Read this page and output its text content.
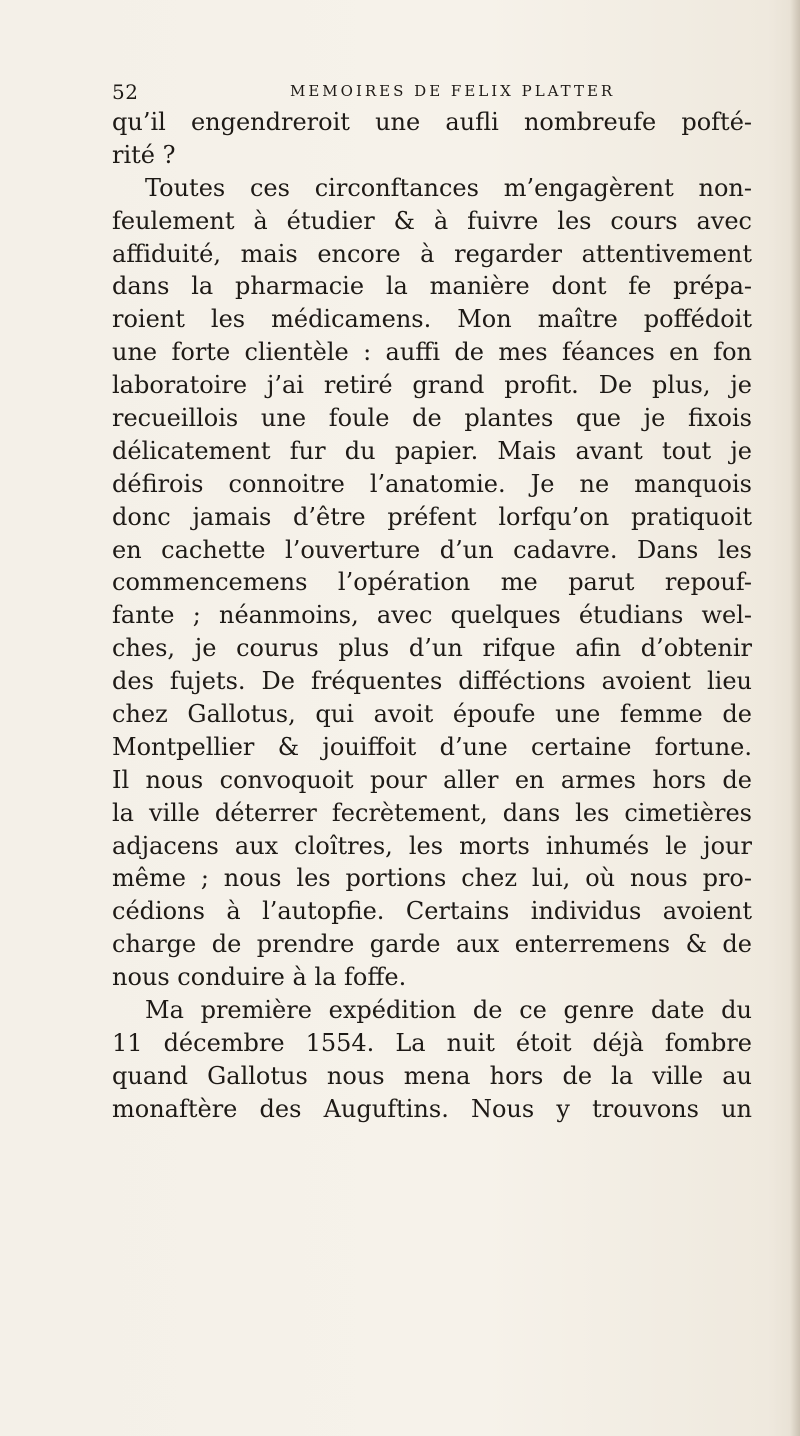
52	MEMOIRES DE FELIX PLATTER
qu’il engendreroit une aufli nombreufe pofté-
rité ?
Toutes ces circonftances m’engagèrent non-
feulement à étudier & à fuivre les cours avec
affiduité, mais encore à regarder attentivement
dans la pharmacie la manière dont fe prépa-
roient les médicamens. Mon maître poffédoit
une forte clientèle : auffi de mes féances en fon
laboratoire j’ai retiré grand profit. De plus, je
recueillois une foule de plantes que je fixois
délicatement fur du papier. Mais avant tout je
défirois connoitre l’anatomie. Je ne manquois
donc jamais d’être préfent lorfqu’on pratiquoit
en cachette l’ouverture d’un cadavre. Dans les
commencemens l’opération me parut repouf-
fante ; néanmoins, avec quelques étudians wel-
ches, je courus plus d’un rifque afin d’obtenir
des fujets. De fréquentes difféctions avoient lieu
chez Gallotus, qui avoit époufe une femme de
Montpellier & jouiffoit d’une certaine fortune.
Il nous convoquoit pour aller en armes hors de
la ville déterrer fecrètement, dans les cimetières
adjacens aux cloîtres, les morts inhumés le jour
même ; nous les portions chez lui, où nous pro-
cédions à l’autopfie. Certains individus avoient
charge de prendre garde aux enterremens & de
nous conduire à la foffe.
Ma première expédition de ce genre date du
11 décembre 1554. La nuit étoit déjà fombre
quand Gallotus nous mena hors de la ville au
monaftère des Auguftins. Nous y trouvons un
